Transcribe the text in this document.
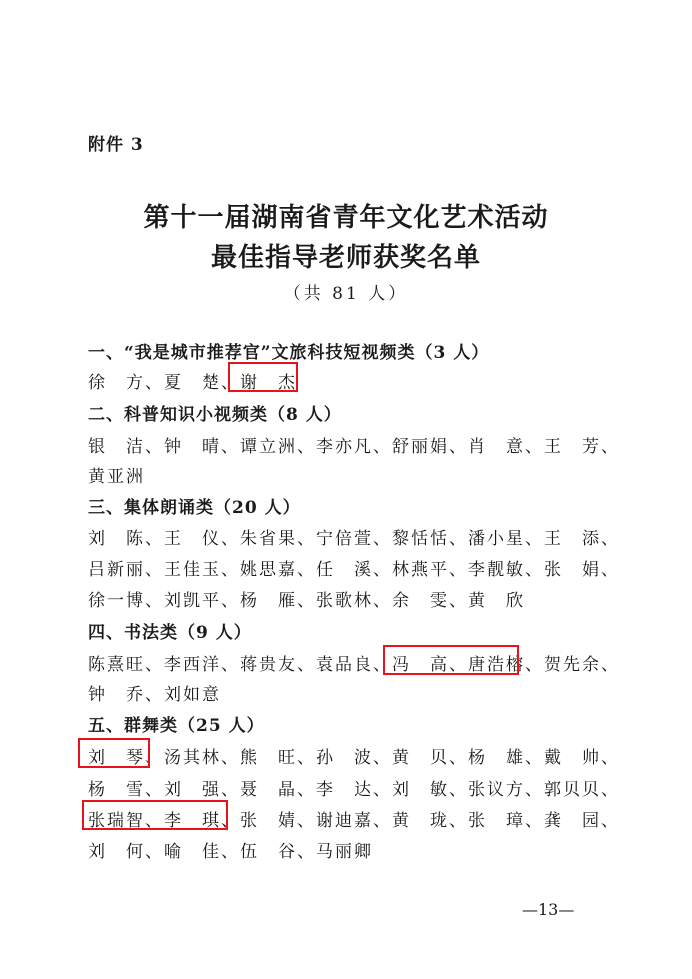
附件 3
第十一届湖南省青年文化艺术活动
最佳指导老师获奖名单
（共 81 人）
一、“我是城市推荐官”文旅科技短视频类（3 人）
徐　方、夏　楚、谢　杰
二、科普知识小视频类（8 人）
银　洁、钟　晴、谭立洲、李亦凡、舒丽娟、肖　意、王　芳、
黄亚洲
三、集体朗诵类（20 人）
刘　陈、王　仪、朱省果、宁倍萱、黎恬恬、潘小星、王　添、
吕新丽、王佳玉、姚思嘉、任　溪、林燕平、李靓敏、张　娟、
徐一博、刘凯平、杨　雁、张歌林、余　雯、黄　欣
四、书法类（9 人）
陈熹旺、李西洋、蒋贵友、袁品良、冯　高、唐浩榕、贺先余、
钟　乔、刘如意
五、群舞类（25 人）
刘　琴、汤其林、熊　旺、孙　波、黄　贝、杨　雄、戴　帅、
杨　雪、刘　强、聂　晶、李　达、刘　敏、张议方、郭贝贝、
张瑞智、李　琪、张　婧、谢迪嘉、黄　珑、张　璋、龚　园、
刘　何、喻　佳、伍　谷、马丽卿
—13—
